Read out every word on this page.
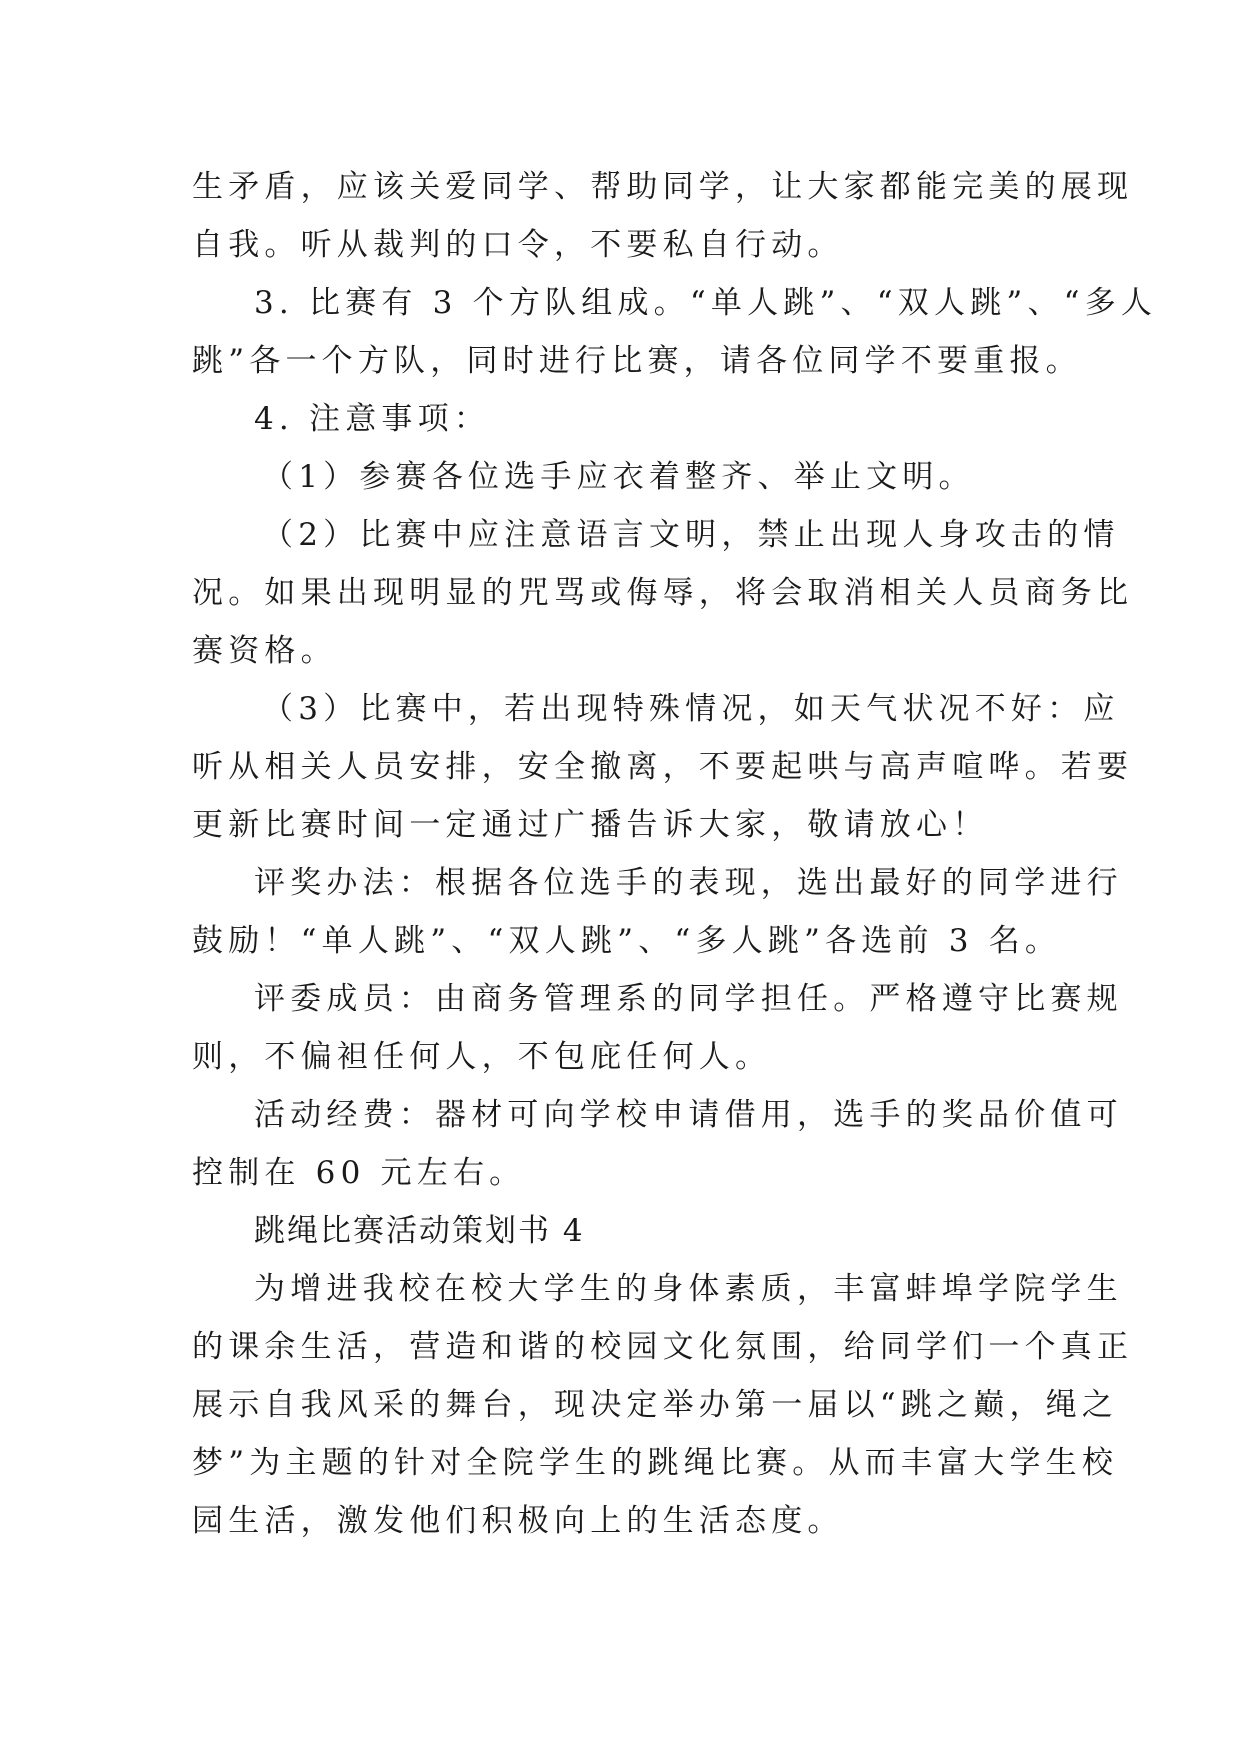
生矛盾，应该关爱同学、帮助同学，让大家都能完美的展现
自我。听从裁判的口令，不要私自行动。
3. 比赛有 3 个方队组成。“单人跳”、“双人跳”、“多人
跳”各一个方队，同时进行比赛，请各位同学不要重报。
4. 注意事项：
（1）参赛各位选手应衣着整齐、举止文明。
（2）比赛中应注意语言文明，禁止出现人身攻击的情
况。如果出现明显的咒骂或侮辱，将会取消相关人员商务比
赛资格。
（3）比赛中，若出现特殊情况，如天气状况不好：应
听从相关人员安排，安全撤离，不要起哄与高声喧哗。若要
更新比赛时间一定通过广播告诉大家，敬请放心！
评奖办法：根据各位选手的表现，选出最好的同学进行
鼓励！“单人跳”、“双人跳”、“多人跳”各选前 3 名。
评委成员：由商务管理系的同学担任。严格遵守比赛规
则，不偏袒任何人，不包庇任何人。
活动经费：器材可向学校申请借用，选手的奖品价值可
控制在 60 元左右。
跳绳比赛活动策划书 4
为增进我校在校大学生的身体素质，丰富蚌埠学院学生
的课余生活，营造和谐的校园文化氛围，给同学们一个真正
展示自我风采的舞台，现决定举办第一届以“跳之巅，绳之
梦”为主题的针对全院学生的跳绳比赛。从而丰富大学生校
园生活，激发他们积极向上的生活态度。
